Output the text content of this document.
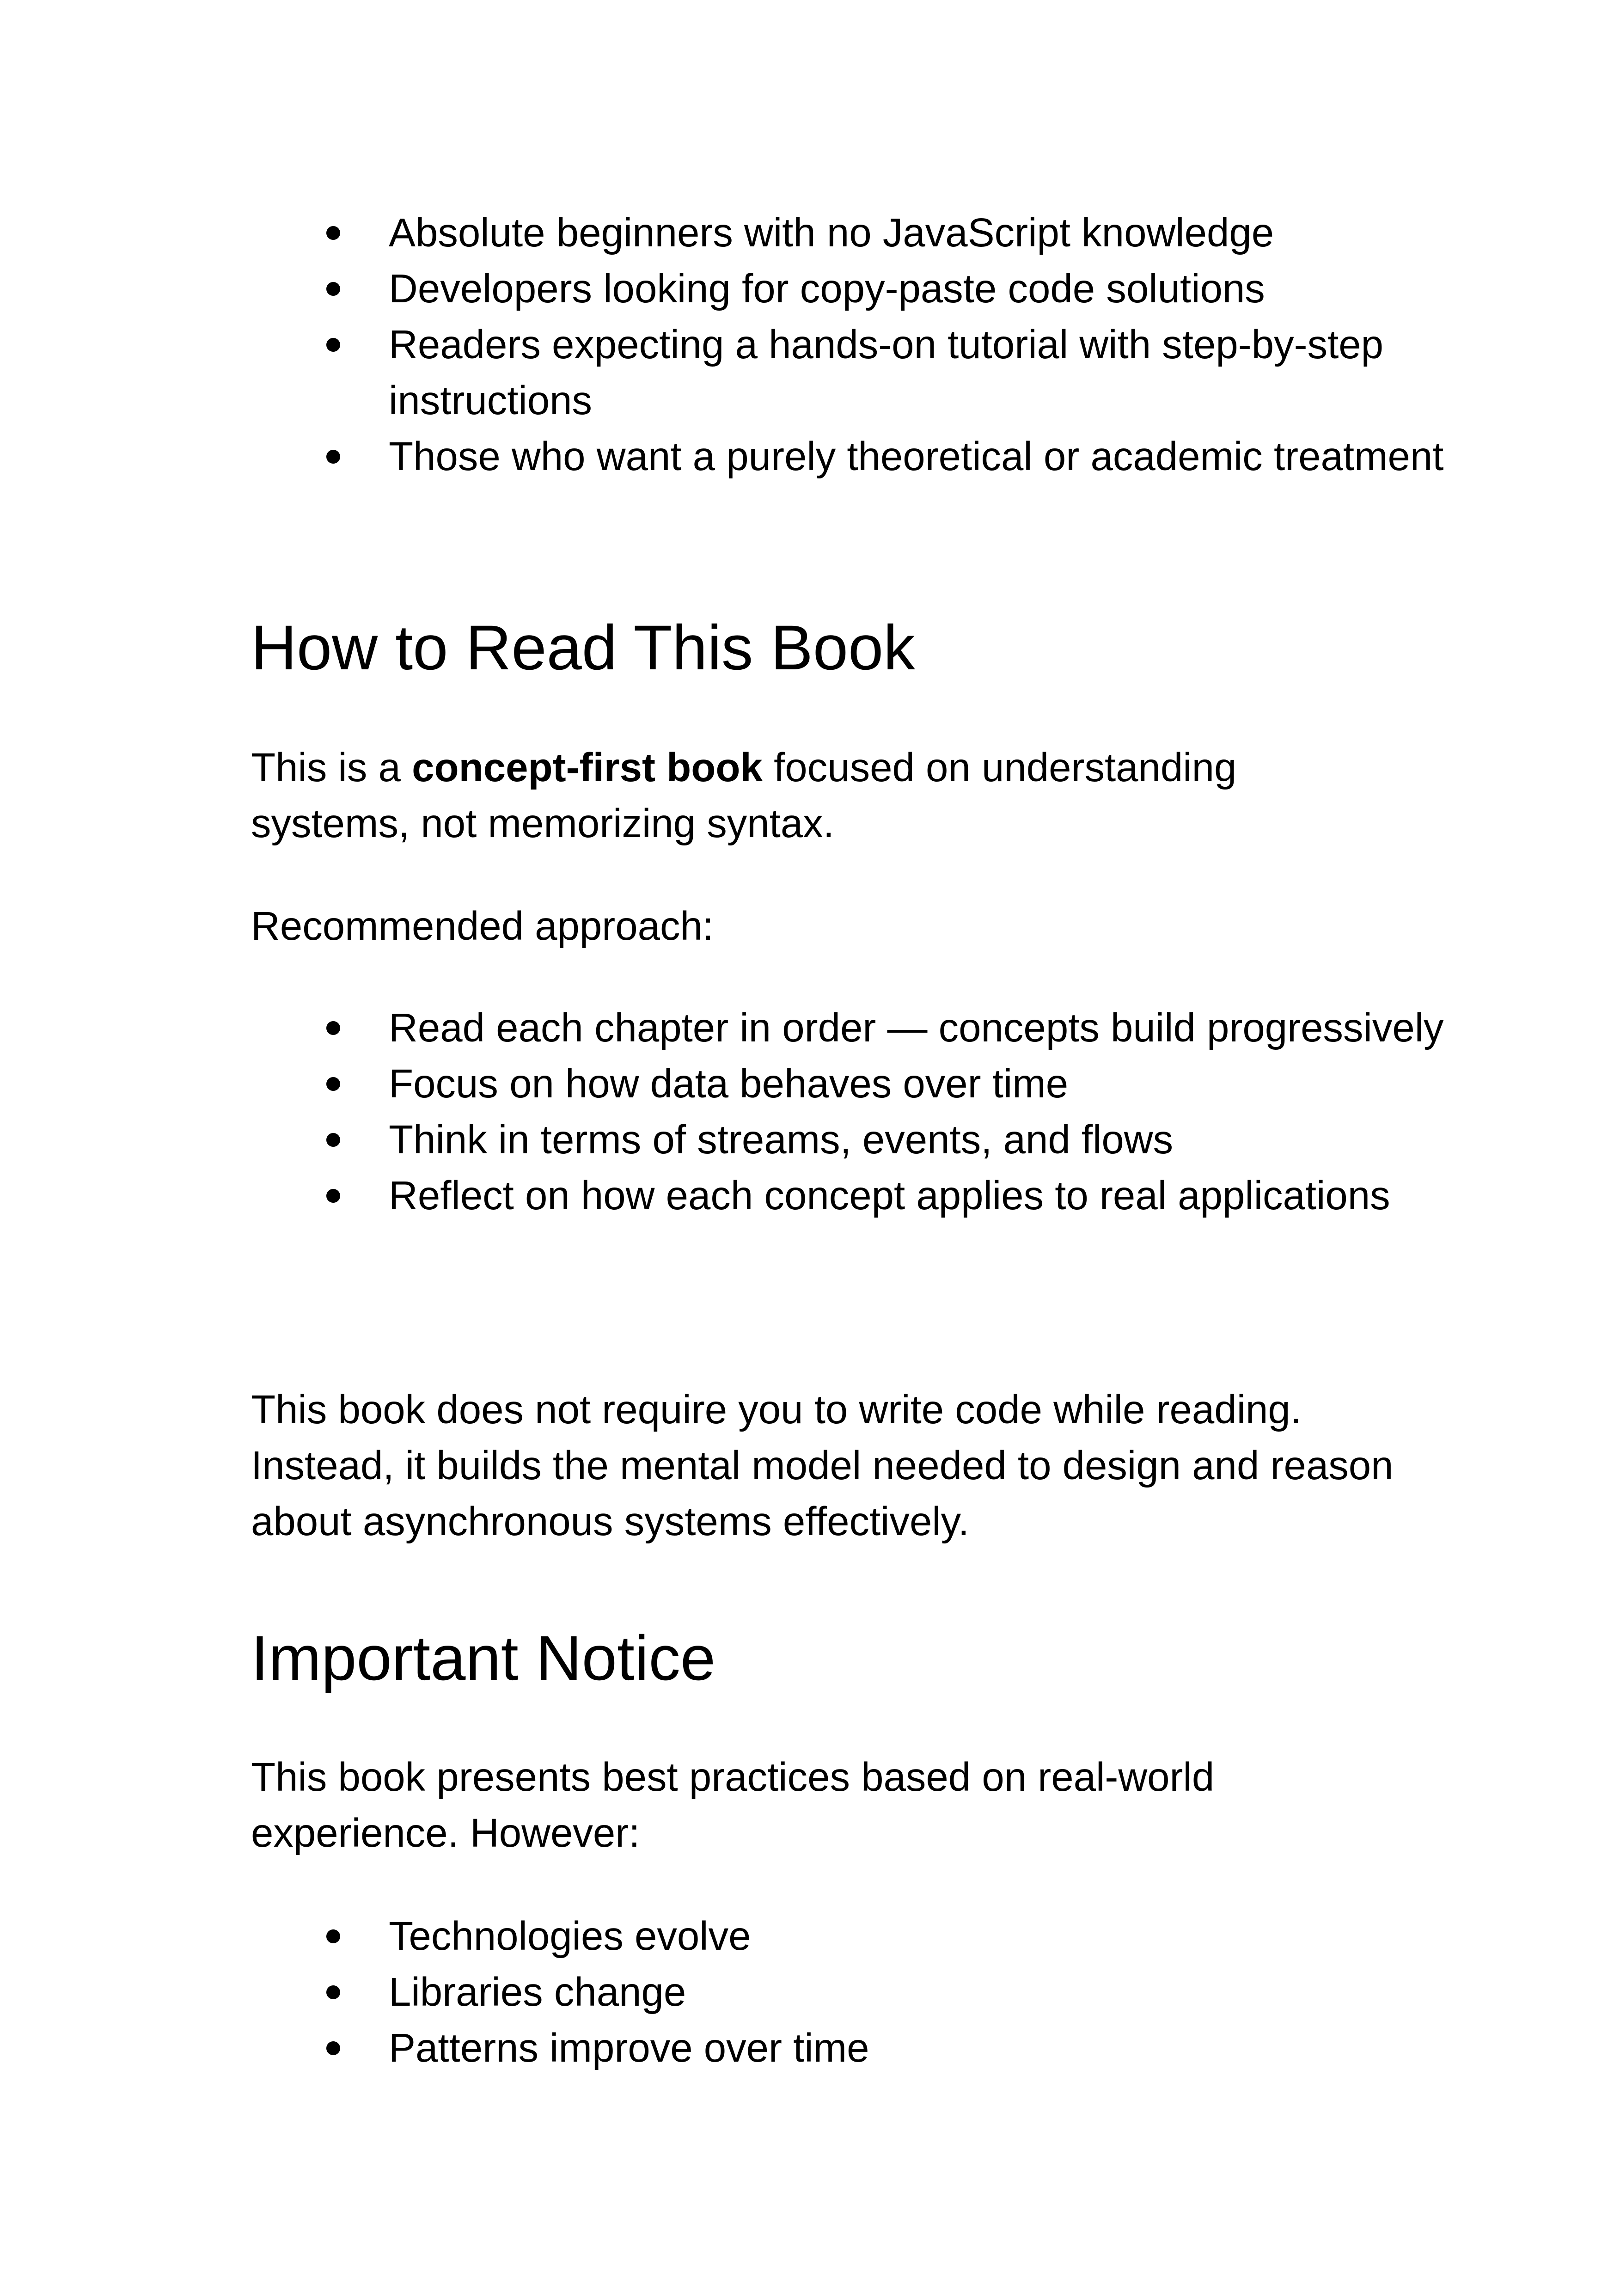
Absolute beginners with no JavaScript knowledge
Developers looking for copy-paste code solutions
Readers expecting a hands-on tutorial with step-by-step instructions
Those who want a purely theoretical or academic treatment
How to Read This Book

This is a concept-first book focused on understanding systems, not memorizing syntax.

Recommended approach:

Read each chapter in order — concepts build progressively
Focus on how data behaves over time
Think in terms of streams, events, and flows
Reflect on how each concept applies to real applications

This book does not require you to write code while reading. Instead, it builds the mental model needed to design and reason about asynchronous systems effectively.

Important Notice

This book presents best practices based on real-world experience. However:

Technologies evolve
Libraries change
Patterns improve over time
